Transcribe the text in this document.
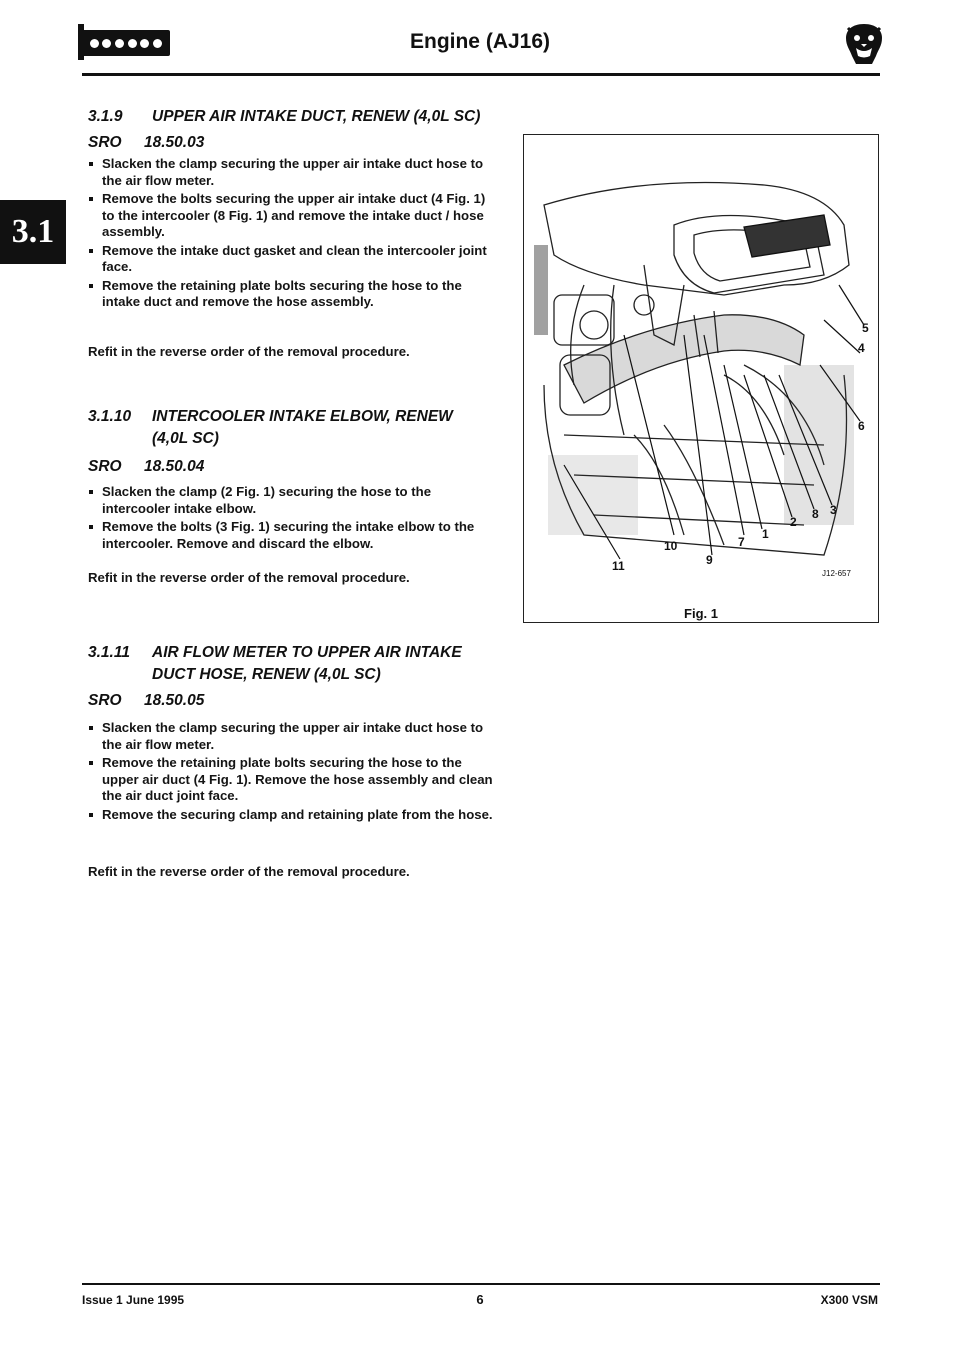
Engine (AJ16)
3.1
3.1.9 UPPER AIR INTAKE DUCT, RENEW (4,0L SC)
SRO 18.50.03
Slacken the clamp securing the upper air intake duct hose to the air flow meter.
Remove the bolts securing the upper air intake duct (4 Fig. 1) to the intercooler (8 Fig. 1) and remove the intake duct / hose assembly.
Remove the intake duct gasket and clean the intercooler joint face.
Remove the retaining plate bolts securing the hose to the intake duct and remove the hose assembly.
Refit in the reverse order of the removal procedure.
3.1.10 INTERCOOLER INTAKE ELBOW, RENEW
(4,0L SC)
SRO 18.50.04
Slacken the clamp (2 Fig. 1) securing the hose to the intercooler intake elbow.
Remove the bolts (3 Fig. 1) securing the intake elbow to the intercooler. Remove and discard the elbow.
Refit in the reverse order of the removal procedure.
3.1.11 AIR FLOW METER TO UPPER AIR INTAKE
DUCT HOSE, RENEW (4,0L SC)
SRO 18.50.05
Slacken the clamp securing the upper air intake duct hose to the air flow meter.
Remove the retaining plate bolts securing the hose to the upper air duct (4 Fig. 1). Remove the hose assembly and clean the air duct joint face.
Remove the securing clamp and retaining plate from the hose.
Refit in the reverse order of the removal procedure.
5
4
6
3
8
2
1
7
9
10
11
J12-657
Fig. 1
Issue 1 June 1995	6	X300 VSM
